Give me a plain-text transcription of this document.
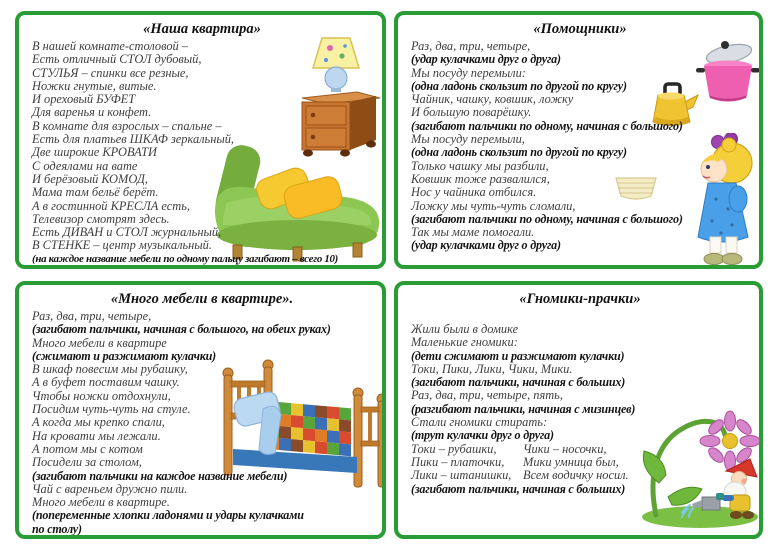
«Наша квартира»
В нашей комнате-столовой –
Есть отличный СТОЛ дубовый,
СТУЛЬЯ – спинки все резные,
Ножки гнутые, витые.
И ореховый БУФЕТ
Для варенья и конфет.
В комнате для взрослых – спальне –
Есть для платьев ШКАФ зеркальный,
Две широкие КРОВАТИ
С одеялами на вате
И берёзовый КОМОД,
Мама там бельё берёт.
А в гостинной КРЕСЛА есть,
Телевизор смотрят здесь.
Есть ДИВАН и СТОЛ журнальный,
В СТЕНКЕ – центр музыкальный.
(на каждое название мебели по одному пальцу загибают – всего 10)
«Помощники»
Раз, два, три, четыре,
(удар кулачками друг о друга)
Мы посуду перемыли:
(одна ладонь скользит по другой по кругу)
Чайник, чашку, ковшик, ложку
И большую поварёшку.
(загибают пальчики по одному, начиная с большого)
Мы посуду перемыли,
(одна ладонь скользит по другой по кругу)
Только чашку мы разбили,
Ковшик тоже развалился,
Нос у чайника отбился.
Ложку мы чуть-чуть сломали,
(загибают пальчики по одному, начиная с большого)
Так мы маме помогали.
(удар кулачками друг о друга)
«Много мебели в квартире».
Раз, два, три, четыре,
(загибают пальчики, начиная с большого, на обеих руках)
Много мебели в квартире
(сжимают и разжимают кулачки)
В шкаф повесим мы рубашку,
А в буфет поставим чашку.
Чтобы ножки отдохнули,
Посидим чуть-чуть на стуле.
А когда мы крепко спали,
На кровати мы лежали.
А потом мы с котом
Посидели за столом,
(загибают пальчики на каждое название мебели)
Чай с вареньем дружно пили.
Много мебели в квартире.
(попеременные хлопки ладонями и удары кулачками
по столу)
«Гномики-прачки»
Жили были в домике
Маленькие гномики:
(дети сжимают и разжимают кулачки)
Токи, Пики, Лики, Чики, Мики.
(загибают пальчики, начиная с больших)
Раз, два, три, четыре, пять,
(разгибают пальчики, начиная с мизинцев)
Стали гномики стирать:
(трут кулачки друг о друга)
Токи – рубашки,
Пики – платочки,
Лики – штанишки,
Чики – носочки,
Мики умница был,
Всем водичку носил.
(загибают пальчики, начиная с больших)
